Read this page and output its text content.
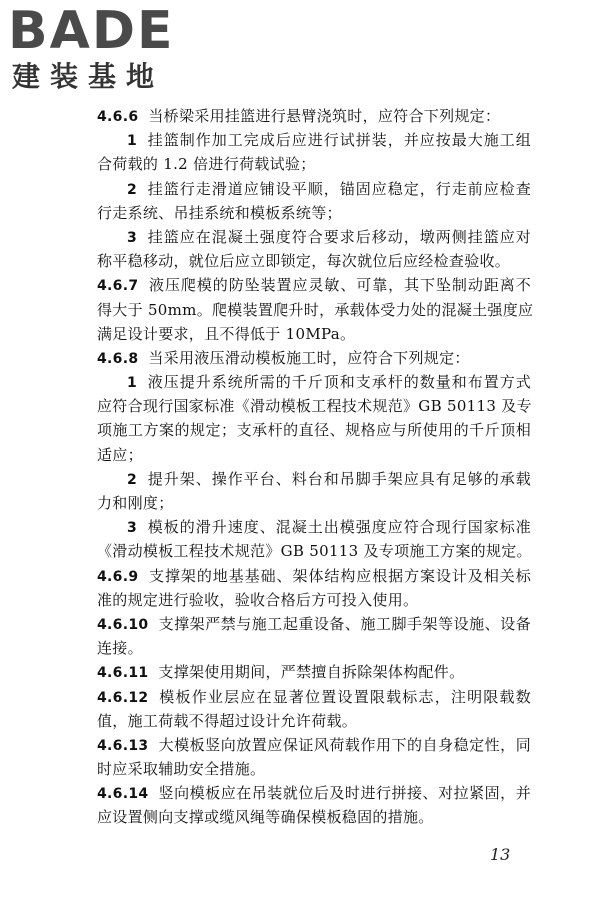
BADE
建装基地
4.6.6 当桥梁采用挂篮进行悬臂浇筑时，应符合下列规定：
1 挂篮制作加工完成后应进行试拼装，并应按最大施工组
合荷载的 1.2 倍进行荷载试验；
2 挂篮行走滑道应铺设平顺，锚固应稳定，行走前应检查
行走系统、吊挂系统和模板系统等；
3 挂篮应在混凝土强度符合要求后移动，墩两侧挂篮应对
称平稳移动，就位后应立即锁定，每次就位后应经检查验收。
4.6.7 液压爬模的防坠装置应灵敏、可靠，其下坠制动距离不
得大于 50mm。爬模装置爬升时，承载体受力处的混凝土强度应
满足设计要求，且不得低于 10MPa。
4.6.8 当采用液压滑动模板施工时，应符合下列规定：
1 液压提升系统所需的千斤顶和支承杆的数量和布置方式
应符合现行国家标准《滑动模板工程技术规范》GB 50113 及专
项施工方案的规定；支承杆的直径、规格应与所使用的千斤顶相
适应；
2 提升架、操作平台、料台和吊脚手架应具有足够的承载
力和刚度；
3 模板的滑升速度、混凝土出模强度应符合现行国家标准
《滑动模板工程技术规范》GB 50113 及专项施工方案的规定。
4.6.9 支撑架的地基基础、架体结构应根据方案设计及相关标
准的规定进行验收，验收合格后方可投入使用。
4.6.10 支撑架严禁与施工起重设备、施工脚手架等设施、设备
连接。
4.6.11 支撑架使用期间，严禁擅自拆除架体构配件。
4.6.12 模板作业层应在显著位置设置限载标志，注明限载数
值，施工荷载不得超过设计允许荷载。
4.6.13 大模板竖向放置应保证风荷载作用下的自身稳定性，同
时应采取辅助安全措施。
4.6.14 竖向模板应在吊装就位后及时进行拼接、对拉紧固，并
应设置侧向支撑或缆风绳等确保模板稳固的措施。
13
